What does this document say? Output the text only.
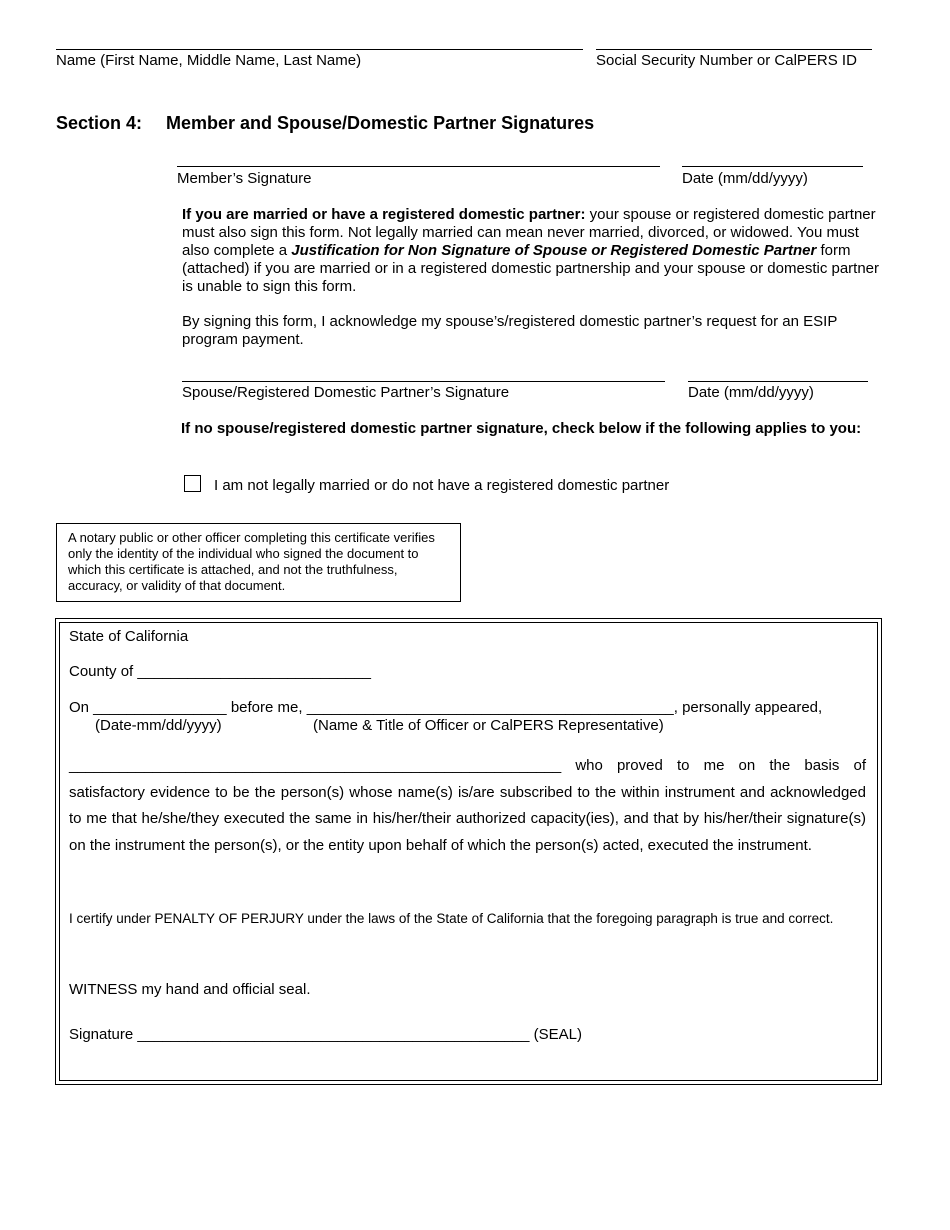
Name (First Name, Middle Name, Last Name)	Social Security Number or CalPERS ID
Section 4: Member and Spouse/Domestic Partner Signatures
Member’s Signature	Date (mm/dd/yyyy)
If you are married or have a registered domestic partner: your spouse or registered domestic partner must also sign this form. Not legally married can mean never married, divorced, or widowed. You must also complete a Justification for Non Signature of Spouse or Registered Domestic Partner form (attached) if you are married or in a registered domestic partnership and your spouse or domestic partner is unable to sign this form.
By signing this form, I acknowledge my spouse’s/registered domestic partner’s request for an ESIP program payment.
Spouse/Registered Domestic Partner’s Signature	Date (mm/dd/yyyy)
If no spouse/registered domestic partner signature, check below if the following applies to you:
I am not legally married or do not have a registered domestic partner
A notary public or other officer completing this certificate verifies only the identity of the individual who signed the document to which this certificate is attached, and not the truthfulness, accuracy, or validity of that document.
State of California
County of ____________________________
On ________________ before me, ____________________________________________, personally appeared,
(Date-mm/dd/yyyy)	(Name & Title of Officer or CalPERS Representative)
___________________________________________________________ who proved to me on the basis of satisfactory evidence to be the person(s) whose name(s) is/are subscribed to the within instrument and acknowledged to me that he/she/they executed the same in his/her/their authorized capacity(ies), and that by his/her/their signature(s) on the instrument the person(s), or the entity upon behalf of which the person(s) acted, executed the instrument.
I certify under PENALTY OF PERJURY under the laws of the State of California that the foregoing paragraph is true and correct.
WITNESS my hand and official seal.
Signature _______________________________________________ (SEAL)
